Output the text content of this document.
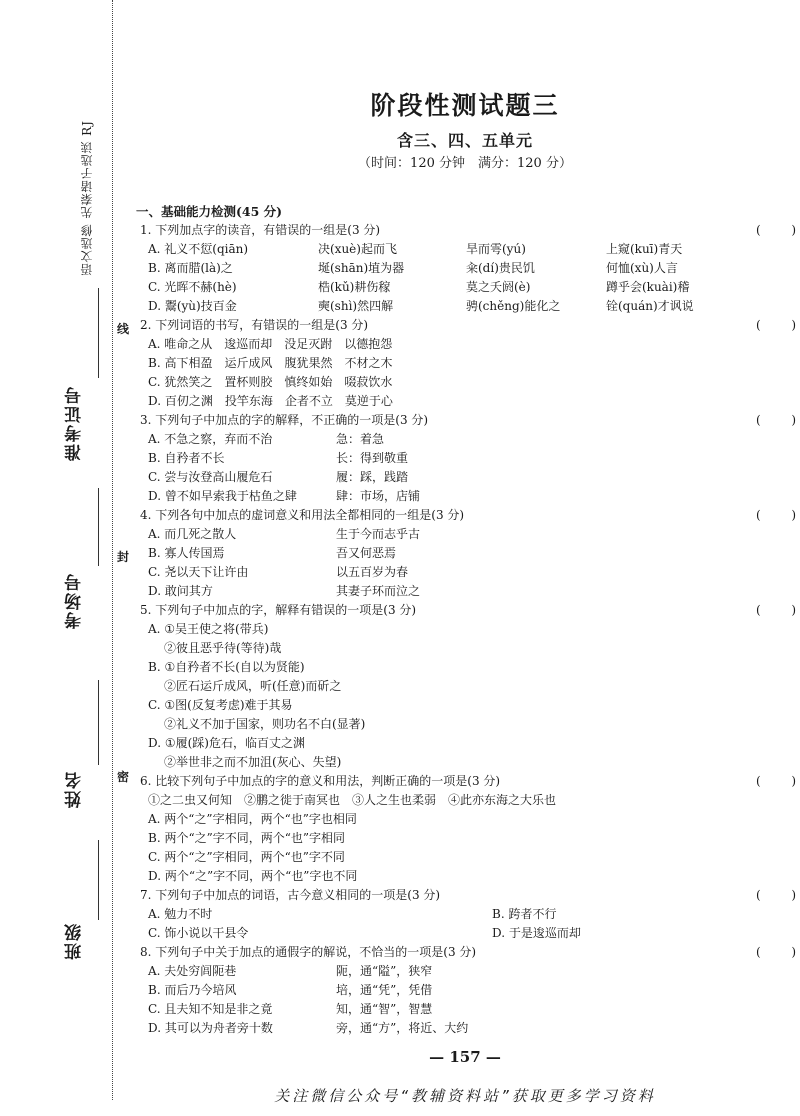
语文选修 先秦诸子选读 RJ
班级
姓名
考场号
准考证号
密
封
线
阶段性测试题三
含三、四、五单元
（时间：120 分钟　满分：120 分）
一、基础能力检测(45 分)
1. 下列加点字的读音，有错误的一组是(3 分)	(	)
A. 礼义不愆(qiān)	决(xuè)起而飞	旱而雩(yú)	上窥(kuī)青天
B. 离而腊(là)之	埏(shān)埴为器	籴(dí)贵民饥	何恤(xù)人言
C. 光晖不赫(hè)	梏(kǔ)耕伤稼	莫之夭阏(è)	蹲乎会(kuài)稽
D. 鬻(yù)技百金	奭(shì)然四解	骋(chěng)能化之	铨(quán)才讽说
2. 下列词语的书写，有错误的一组是(3 分)	(	)
A. 唯命之从　逡巡而却　没足灭跗　以德抱怨
B. 高下相盈　运斤成风　腹犹果然　不材之木
C. 犹然笑之　置杯则胶　慎终如始　啜菽饮水
D. 百仞之渊　投竿东海　企者不立　莫逆于心
3. 下列句子中加点的字的解释，不正确的一项是(3 分)	(	)
A. 不急之察，弃而不治	急：着急
B. 自矜者不长	长：得到敬重
C. 尝与汝登高山履危石	履：踩，践踏
D. 曾不如早索我于枯鱼之肆	肆：市场，店铺
4. 下列各句中加点的虚词意义和用法全都相同的一组是(3 分)	(	)
A. 而几死之散人	生于今而志乎古
B. 寡人传国焉	吾又何恶焉
C. 尧以天下让许由	以五百岁为春
D. 敢问其方	其妻子环而泣之
5. 下列句子中加点的字，解释有错误的一项是(3 分)	(	)
A. ①吴王使之将(带兵)
②彼且恶乎待(等待)哉
B. ①自矜者不长(自以为贤能)
②匠石运斤成风，听(任意)而斫之
C. ①图(反复考虑)难于其易
②礼义不加于国家，则功名不白(显著)
D. ①履(踩)危石，临百丈之渊
②举世非之而不加沮(灰心、失望)
6. 比较下列句子中加点的字的意义和用法，判断正确的一项是(3 分)	(	)
①之二虫又何知　②鹏之徙于南冥也　③人之生也柔弱　④此亦东海之大乐也
A. 两个“之”字相同，两个“也”字也相同
B. 两个“之”字不同，两个“也”字相同
C. 两个“之”字相同，两个“也”字不同
D. 两个“之”字不同，两个“也”字也不同
7. 下列句子中加点的词语，古今意义相同的一项是(3 分)	(	)
A. 勉力不时	B. 跨者不行
C. 饰小说以干县令	D. 于是逡巡而却
8. 下列句子中关于加点的通假字的解说，不恰当的一项是(3 分)	(	)
A. 夫处穷闾阨巷	阨，通“隘”，狭窄
B. 而后乃今培风	培，通“凭”，凭借
C. 且夫知不知是非之竟	知，通“智”，智慧
D. 其可以为舟者旁十数	旁，通“方”，将近、大约
— 157 —
关注微信公众号“教辅资料站”获取更多学习资料
